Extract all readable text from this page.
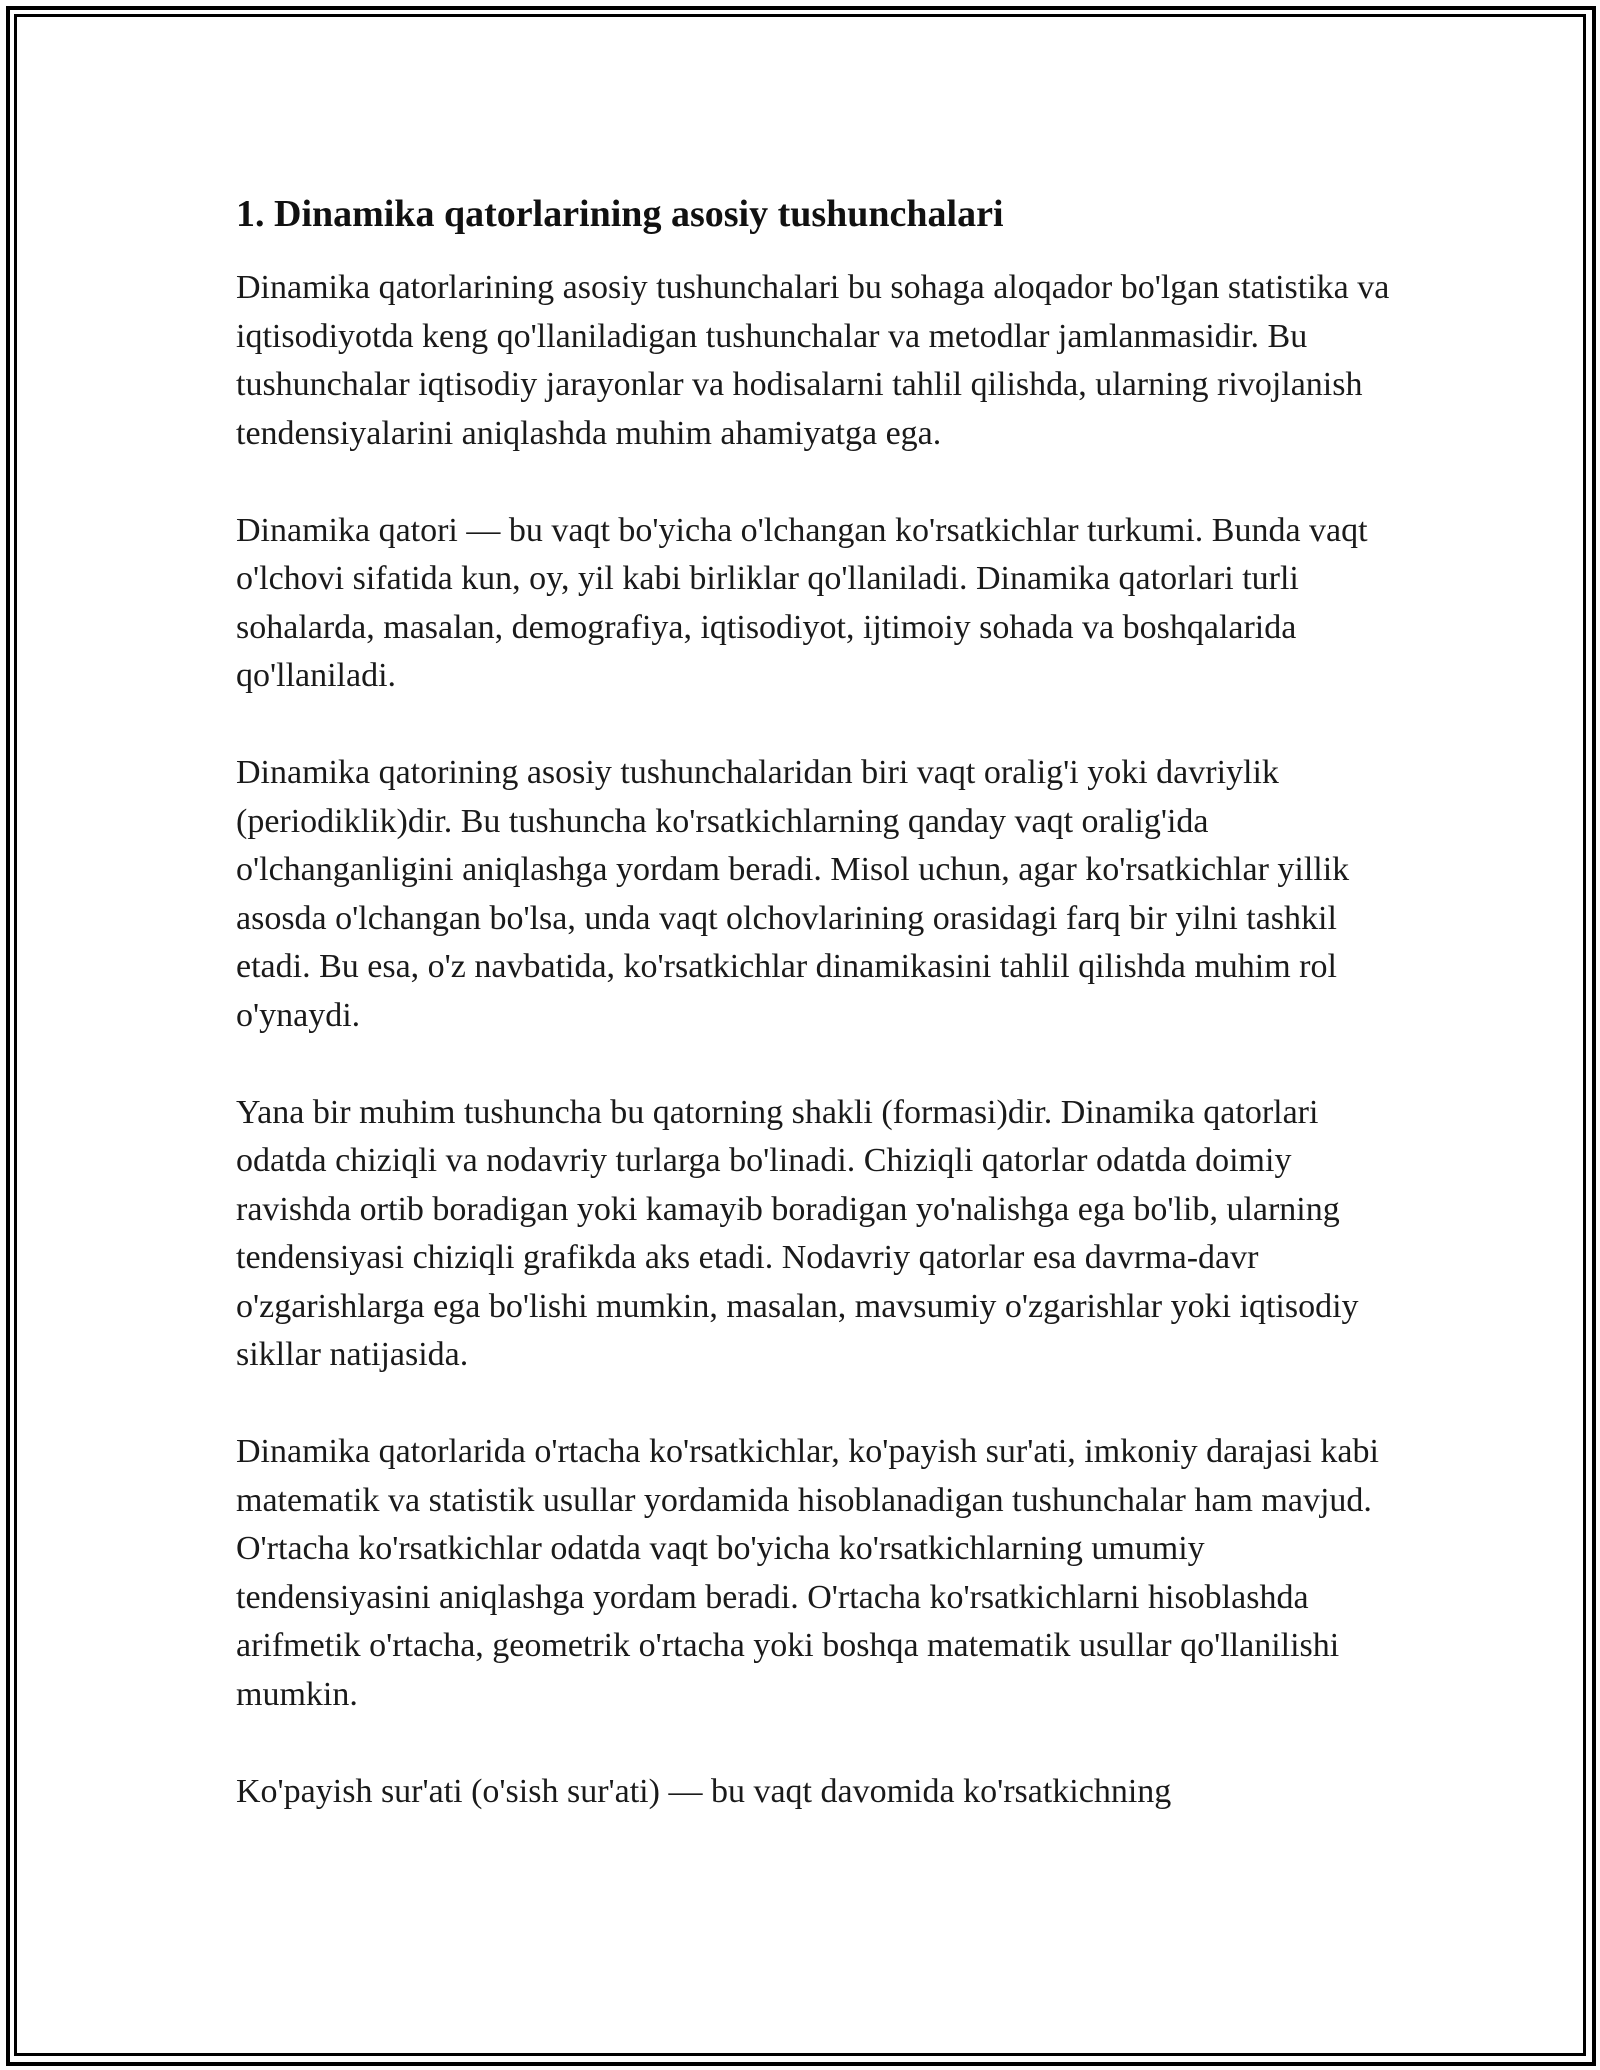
1. Dinamika qatorlarining asosiy tushunchalari

Dinamika qatorlarining asosiy tushunchalari bu sohaga aloqador bo'lgan statistika va iqtisodiyotda keng qo'llaniladigan tushunchalar va metodlar jamlanmasidir. Bu tushunchalar iqtisodiy jarayonlar va hodisalarni tahlil qilishda, ularning rivojlanish tendensiyalarini aniqlashda muhim ahamiyatga ega.

Dinamika qatori — bu vaqt bo'yicha o'lchangan ko'rsatkichlar turkumi. Bunda vaqt o'lchovi sifatida kun, oy, yil kabi birliklar qo'llaniladi. Dinamika qatorlari turli sohalarda, masalan, demografiya, iqtisodiyot, ijtimoiy sohada va boshqalarida qo'llaniladi.

Dinamika qatorining asosiy tushunchalaridan biri vaqt oralig'i yoki davriylik (periodiklik)dir. Bu tushuncha ko'rsatkichlarning qanday vaqt oralig'ida o'lchanganligini aniqlashga yordam beradi. Misol uchun, agar ko'rsatkichlar yillik asosda o'lchangan bo'lsa, unda vaqt olchovlarining orasidagi farq bir yilni tashkil etadi. Bu esa, o'z navbatida, ko'rsatkichlar dinamikasini tahlil qilishda muhim rol o'ynaydi.

Yana bir muhim tushuncha bu qatorning shakli (formasi)dir. Dinamika qatorlari odatda chiziqli va nodavriy turlarga bo'linadi. Chiziqli qatorlar odatda doimiy ravishda ortib boradigan yoki kamayib boradigan yo'nalishga ega bo'lib, ularning tendensiyasi chiziqli grafikda aks etadi. Nodavriy qatorlar esa davrma-davr o'zgarishlarga ega bo'lishi mumkin, masalan, mavsumiy o'zgarishlar yoki iqtisodiy sikllar natijasida.

Dinamika qatorlarida o'rtacha ko'rsatkichlar, ko'payish sur'ati, imkoniy darajasi kabi matematik va statistik usullar yordamida hisoblanadigan tushunchalar ham mavjud. O'rtacha ko'rsatkichlar odatda vaqt bo'yicha ko'rsatkichlarning umumiy tendensiyasini aniqlashga yordam beradi. O'rtacha ko'rsatkichlarni hisoblashda arifmetik o'rtacha, geometrik o'rtacha yoki boshqa matematik usullar qo'llanilishi mumkin.

Ko'payish sur'ati (o'sish sur'ati) — bu vaqt davomida ko'rsatkichning
